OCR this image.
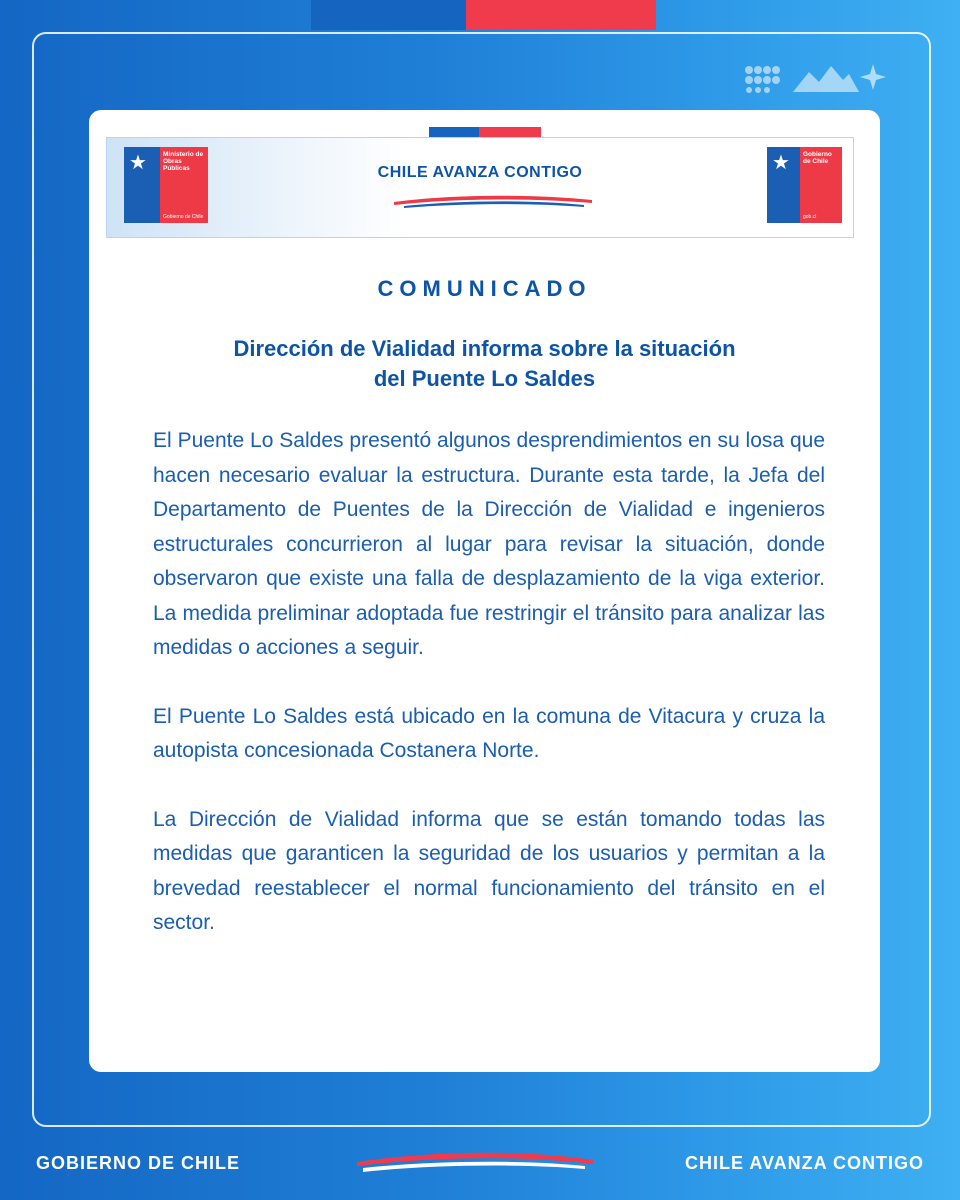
★ Ministerio de Obras Públicas
Gobierno de Chile
CHILE AVANZA CONTIGO	★ Gobierno de Chile
gob.cl
COMUNICADO
Dirección de Vialidad informa sobre la situación
del Puente Lo Saldes

El Puente Lo Saldes presentó algunos desprendimientos en su losa que hacen necesario evaluar la estructura. Durante esta tarde, la Jefa del Departamento de Puentes de la Dirección de Vialidad e ingenieros estructurales concurrieron al lugar para revisar la situación, donde observaron que existe una falla de desplazamiento de la viga exterior. La medida preliminar adoptada fue restringir el tránsito para analizar las medidas o acciones a seguir.

El Puente Lo Saldes está ubicado en la comuna de Vitacura y cruza la autopista concesionada Costanera Norte.

La Dirección de Vialidad informa que se están tomando todas las medidas que garanticen la seguridad de los usuarios y permitan a la brevedad reestablecer el normal funcionamiento del tránsito en el sector.

GOBIERNO DE CHILE	CHILE AVANZA CONTIGO
